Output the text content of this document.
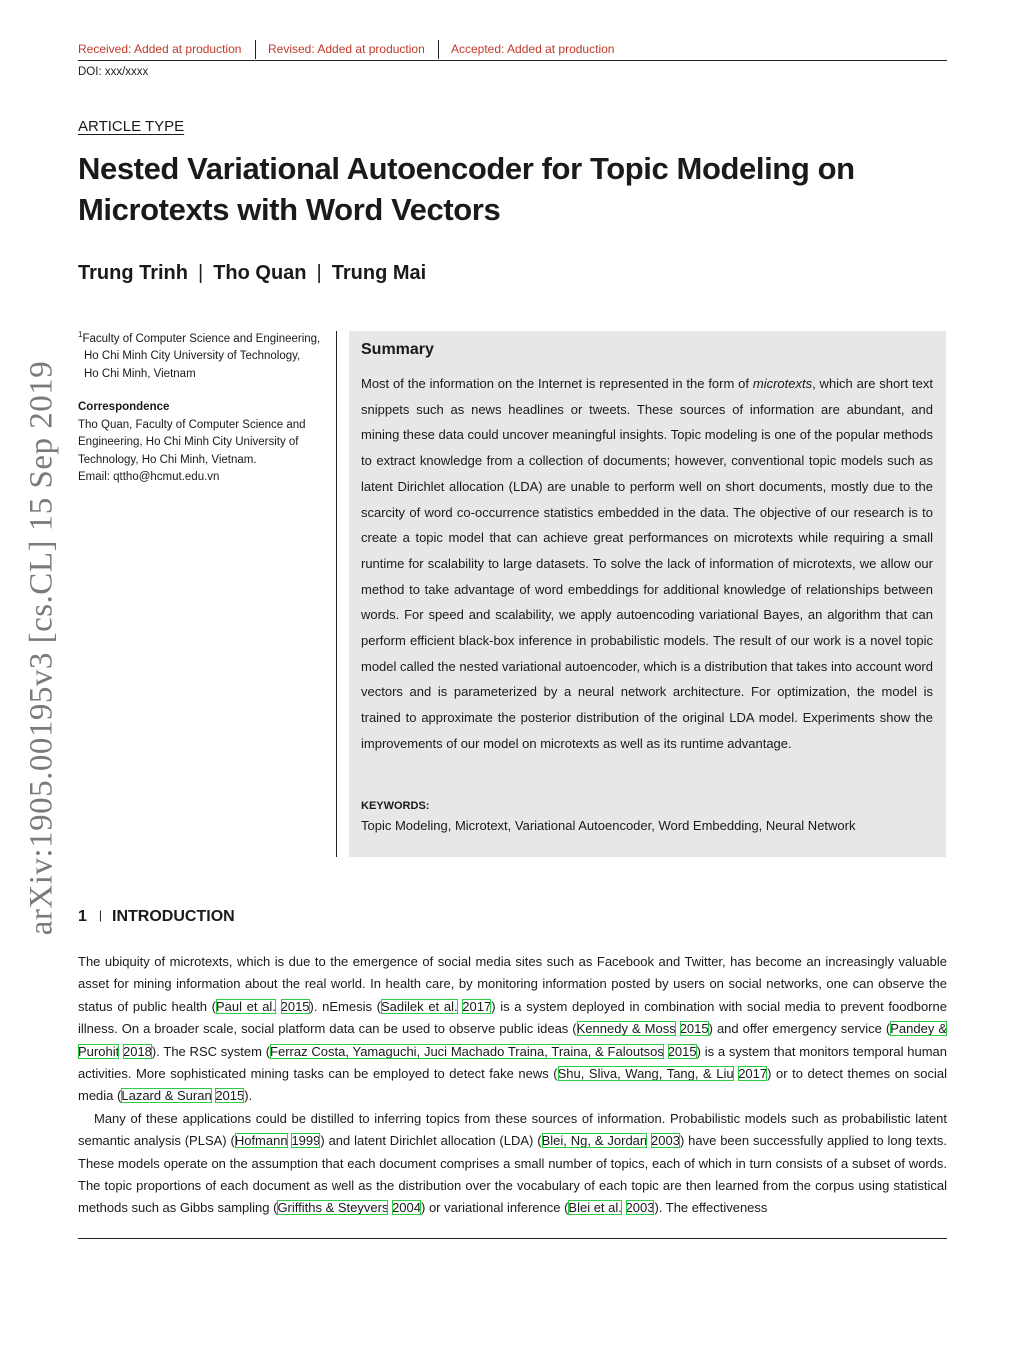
Received: Added at production Revised: Added at production Accepted: Added at production
DOI: xxx/xxxx
ARTICLE TYPE
Nested Variational Autoencoder for Topic Modeling on Microtexts with Word Vectors
Trung Trinh | Tho Quan | Trung Mai

$^1$Faculty of Computer Science and Engineering,

Ho Chi Minh City University of Technology,

Ho Chi Minh, Vietnam

Correspondence

Tho Quan, Faculty of Computer Science and

Engineering, Ho Chi Minh City University of

Technology, Ho Chi Minh, Vietnam.

Email: qttho@hcmut.edu.vn

Summary

Most of the information on the Internet is represented in the form of microtexts, which are short text snippets such as news headlines or tweets. These sources of information are abundant, and mining these data could uncover meaningful insights. Topic modeling is one of the popular methods to extract knowledge from a collection of documents; however, conventional topic models such as latent Dirichlet allocation (LDA) are unable to perform well on short documents, mostly due to the scarcity of word co-occurrence statistics embedded in the data. The objective of our research is to create a topic model that can achieve great performances on microtexts while requiring a small runtime for scalability to large datasets. To solve the lack of information of microtexts, we allow our method to take advantage of word embeddings for additional knowledge of relationships between words. For speed and scalability, we apply autoencoding variational Bayes, an algorithm that can perform efficient black-box inference in probabilistic models. The result of our work is a novel topic model called the nested variational autoencoder, which is a distribution that takes into account word vectors and is parameterized by a neural network architecture. For optimization, the model is trained to approximate the posterior distribution of the original LDA model. Experiments show the improvements of our model on microtexts as well as its runtime advantage.

KEYWORDS:
Topic Modeling, Microtext, Variational Autoencoder, Word Embedding, Neural Network
arXiv:1905.00195v3 [cs.CL] 15 Sep 2019 1 | INTRODUCTION

The ubiquity of microtexts, which is due to the emergence of social media sites such as Facebook and Twitter, has become an increasingly valuable asset for mining information about the real world. In health care, by monitoring information posted by users on social networks, one can observe the status of public health (Paul et al. 2015). nEmesis (Sadilek et al. 2017) is a system deployed in combination with social media to prevent foodborne illness. On a broader scale, social platform data can be used to observe public ideas (Kennedy & Moss 2015) and offer emergency service (Pandey & Purohit 2018). The RSC system (Ferraz Costa, Yamaguchi, Juci Machado Traina, Traina, & Faloutsos 2015) is a system that monitors temporal human activities. More sophisticated mining tasks can be employed to detect fake news (Shu, Sliva, Wang, Tang, & Liu 2017) or to detect themes on social media (Lazard & Suran 2015).

Many of these applications could be distilled to inferring topics from these sources of information. Probabilistic models such as probabilistic latent semantic analysis (PLSA) (Hofmann 1999) and latent Dirichlet allocation (LDA) (Blei, Ng, & Jordan 2003) have been successfully applied to long texts. These models operate on the assumption that each document comprises a small number of topics, each of which in turn consists of a subset of words. The topic proportions of each document as well as the distribution over the vocabulary of each topic are then learned from the corpus using statistical methods such as Gibbs sampling (Griffiths & Steyvers 2004) or variational inference (Blei et al. 2003). The effectiveness
